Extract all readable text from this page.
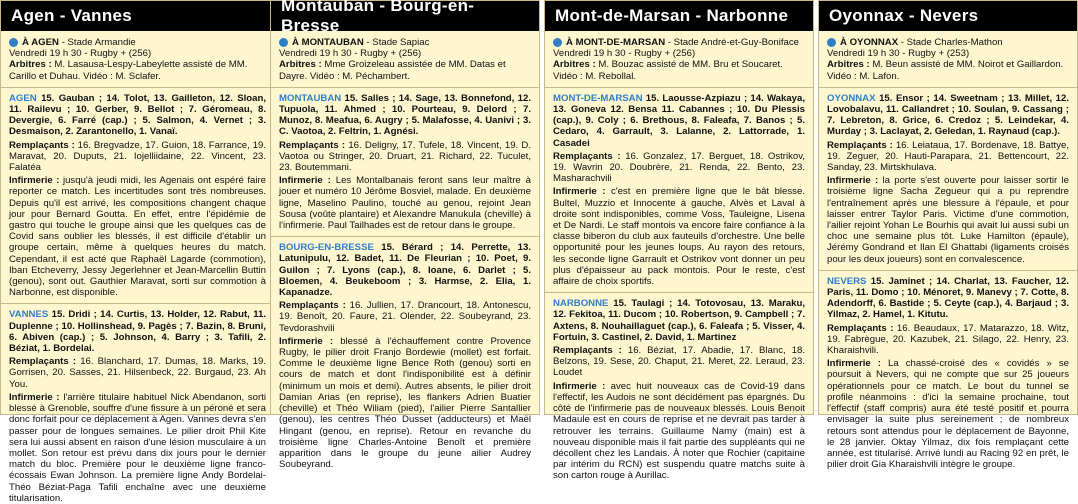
Agen - Vannes
À AGEN - Stade Armandie
Vendredi 19 h 30 - Rugby + (256)
Arbitres : M. Lasausa-Lespy-Labeylette assisté de MM. Carillo et Duhau. Vidéo : M. Sclafer.

AGEN 15. Gauban ; 14. Tolot, 13. Gailleton, 12. Sloan, 11. Railevu ; 10. Gerber, 9. Bellot ; 7. Géromeau, 8. Devergie, 6. Farré (cap.) ; 5. Salmon, 4. Vernet ; 3. Desmaison, 2. Zarantonello, 1. Vanaï.

Remplaçants : 16. Bregvadze, 17. Guion, 18. Farrance, 19. Maravat, 20. Duputs, 21. Iojelliidaine, 22. Vincent, 23. Falatéa

Infirmerie : jusqu'à jeudi midi, les Agenais ont espéré faire reporter ce match. Les incertitudes sont très nombreuses. Depuis qu'il est arrivé, les compositions changent chaque jour pour Bernard Goutta. En effet, entre l'épidémie de gastro qui touche le groupe ainsi que les quelques cas de Covid sans oublier les blessés, il est difficile d'établir un groupe certain, même à quelques heures du match. Cependant, il est acté que Raphaël Lagarde (commotion), Iban Etcheverry, Jessy Jegerlehner et Jean-Marcellin Buttin (genou), sont out. Gauthier Maravat, sorti sur commotion à Narbonne, est disponible.

VANNES 15. Dridi ; 14. Curtis, 13. Holder, 12. Rabut, 11. Duplenne ; 10. Hollinshead, 9. Pagès ; 7. Bazin, 8. Bruni, 6. Abiven (cap.) ; 5. Johnson, 4. Barry ; 3. Tafili, 2. Béziat, 1. Bordelai.

Remplaçants : 16. Blanchard, 17. Dumas, 18. Marks, 19. Gorrisen, 20. Sasses, 21. Hilsenbeck, 22. Burgaud, 23. Ah You.

Infirmerie : l'arrière titulaire habituel Nick Abendanon, sorti blessé à Grenoble, souffre d'une fissure à un péroné et sera donc forfait pour ce déplacement à Agen. Vannes devra s'en passer pour de longues semaines. Le pilier droit Phil Kite sera lui aussi absent en raison d'une lésion musculaire à un mollet. Son retour est prévu dans dix jours pour le dernier match du bloc. Première pour le deuxième ligne franco-écossais Ewan Johnson. La première ligne Andy Bordelai-Théo Béziat-Paga Tafili enchaîne avec une deuxième titularisation.

Montauban - Bourg-en-Bresse
À MONTAUBAN - Stade Sapiac
Vendredi 19 h 30 - Rugby + (256)
Arbitres : Mme Groizeleau assistée de MM. Datas et Dayre. Vidéo : M. Péchambert.

MONTAUBAN 15. Salles ; 14. Sage, 13. Bonnefond, 12. Tupuola, 11. Ahmed ; 10. Pourteau, 9. Delord ; 7. Munoz, 8. Meafua, 6. Augry ; 5. Malafosse, 4. Uanivi ; 3. C. Vaotoa, 2. Feltrin, 1. Agnési.

Remplaçants : 16. Deligny, 17. Tufele, 18. Vincent, 19. D. Vaotoa ou Stringer, 20. Druart, 21. Richard, 22. Tuculet, 23. Boutemmani.

Infirmerie : Les Montalbanais feront sans leur maître à jouer et numéro 10 Jérôme Bosviel, malade. En deuxième ligne, Maselino Paulino, touché au genou, rejoint Jean Sousa (voûte plantaire) et Alexandre Manukula (cheville) à l'infirmerie. Paul Tailhades est de retour dans le groupe.

BOURG-EN-BRESSE 15. Bérard ; 14. Perrette, 13. Latunipulu, 12. Badet, 11. De Fleurian ; 10. Poet, 9. Guilon ; 7. Lyons (cap.), 8. Ioane, 6. Darlet ; 5. Bloemen, 4. Beukeboom ; 3. Harmse, 2. Elia, 1. Kapanadze.

Remplaçants : 16. Jullien, 17. Drancourt, 18. Antonescu, 19. Benoît, 20. Faure, 21. Olender, 22. Soubeyrand, 23. Tevdorashvili

Infirmerie : blessé à l'échauffement contre Provence Rugby, le pilier droit Franjo Bordewie (mollet) est forfait. Comme le deuxième ligne Bence Roth (genou) sorti en cours de match et dont l'indisponibilité est à définir (minimum un mois et demi). Autres absents, le pilier droit Damian Arias (en reprise), les flankers Adrien Buatier (cheville) et Théo Wiliam (pied), l'ailier Pierre Santallier (genou), les centres Théo Dusset (adducteurs) et Maël Hingant (genou, en reprise). Retour en revanche du troisième ligne Charles-Antoine Benoît et première apparition dans le groupe du jeune ailier Audrey Soubeyrand.

Mont-de-Marsan - Narbonne
À MONT-DE-MARSAN - Stade André-et-Guy-Boniface
Vendredi 19 h 30 - Rugby + (256)
Arbitres : M. Bouzac assisté de MM. Bru et Soucaret. Vidéo : M. Rebollal.

MONT-DE-MARSAN 15. Laousse-Azpiazu ; 14. Wakaya, 13. Goneva 12. Bensa 11. Cabannes ; 10. Du Plessis (cap.), 9. Coly ; 6. Brethous, 8. Faleafa, 7. Banos ; 5. Cedaro, 4. Garrault, 3. Lalanne, 2. Lattorrade, 1. Casadei

Remplaçants : 16. Gonzalez, 17. Berguet, 18. Ostrikov, 19. Wavrin 20. Doubrère, 21. Renda, 22. Bento, 23. Masharachvili

Infirmerie : c'est en première ligne que le bât blesse. Bultel, Muzzio et Innocente à gauche, Alvès et Laval à droite sont indisponibles, comme Voss, Tauleigne, Lisena et De Nardi. Le staff montois va encore faire confiance à la classe biberon du club aux fauteuils d'orchestre. Une belle opportunité pour les jeunes loups. Au rayon des retours, les seconde ligne Garrault et Ostrikov vont donner un peu plus d'épaisseur au pack montois. Pour le reste, c'est affaire de choix sportifs.

NARBONNE 15. Taulagi ; 14. Totovosau, 13. Maraku, 12. Fekitoa, 11. Ducom ; 10. Robertson, 9. Campbell ; 7. Axtens, 8. Nouhaillaguet (cap.), 6. Faleafa ; 5. Visser, 4. Fortuin, 3. Castinel, 2. David, 1. Martinez

Remplaçants : 16. Béziat, 17. Abadie, 17. Blanc, 18. Belzons, 19. Sese, 20. Chaput, 21. Meret, 22. Leraud, 23. Loudet

Infirmerie : avec huit nouveaux cas de Covid-19 dans l'effectif, les Audois ne sont décidément pas épargnés. Du côté de l'infirmerie pas de nouveaux blessés. Louis Benoit Madaule est en cours de reprise et ne devrait pas tarder à retrouver les terrains. Guillaume Namy (main) est à nouveau disponible mais il fait partie des suppléants qui ne décollent chez les Landais. À noter que Rochier (capitaine par intérim du RCN) est suspendu quatre matchs suite à son carton rouge à Aurillac.

Oyonnax - Nevers
À OYONNAX - Stade Charles-Mathon
Vendredi 19 h 30 - Rugby + (253)
Arbitres : M. Beun assisté de MM. Noirot et Gaillardon. Vidéo : M. Lafon.

OYONNAX 15. Ensor ; 14. Sweetnam ; 13. Millet, 12. Lovobalavu, 11. Callandret ; 10. Soulan, 9. Cassang ; 7. Lebreton, 8. Grice, 6. Credoz ; 5. Leindekar, 4. Murday ; 3. Laclayat, 2. Geledan, 1. Raynaud (cap.).

Remplaçants : 16. Leiataua, 17. Bordenave, 18. Battye, 19. Zeguer, 20. Hauti-Parapara, 21. Bettencourt, 22. Sanday, 23. Mirtskhulava.

Infirmerie : la porte s'est ouverte pour laisser sortir le troisième ligne Sacha Zegueur qui a pu reprendre l'entraînement après une blessure à l'épaule, et pour laisser entrer Taylor Paris. Victime d'une commotion, l'ailier rejoint Yohan Le Bourhis qui avait lui aussi subi un choc une semaine plus tôt. Luke Hamilton (épaule), Jérémy Gondrand et Ilan El Ghattabi (ligaments croisés pour les deux joueurs) sont en convalescence.

NEVERS 15. Jaminet ; 14. Charlat, 13. Faucher, 12. Paris, 11. Domo ; 10. Ménoret, 9. Manevy ; 7. Cotte, 8. Adendorff, 6. Bastide ; 5. Ceyte (cap.), 4. Barjaud ; 3. Yilmaz, 2. Hamel, 1. Kitutu.

Remplaçants : 16. Beaudaux, 17. Matarazzo, 18. Witz, 19. Fabrègue, 20. Kazubek, 21. Silago, 22. Henry, 23. Kharaishvili.

Infirmerie : La chassé-croisé des « covidés » se poursuit à Nevers, qui ne compte que sur 25 joueurs opérationnels pour ce match. Le bout du tunnel se profile néanmoins : d'ici la semaine prochaine, tout l'effectif (staff compris) aura été testé positif et pourra envisager la suite plus sereinement ; de nombreux retours sont attendus pour le déplacement de Bayonne, le 28 janvier. Oktay Yilmaz, dix fois remplaçant cette année, est titularisé. Arrivé lundi au Racing 92 en prêt, le pilier droit Gia Kharaishvili intègre le groupe.
